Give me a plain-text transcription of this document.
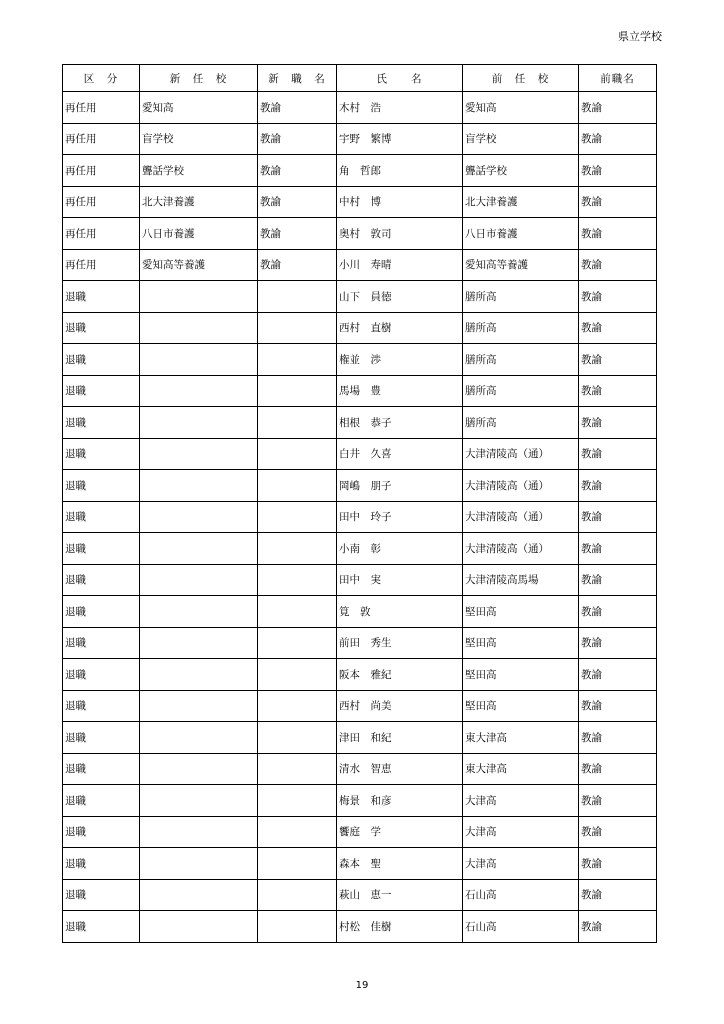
県立学校
区　分	新　任　校	新　職　名	氏　　名	前　任　校	前職名
再任用	愛知高	教諭	木村　浩	愛知高	教諭
再任用	盲学校	教諭	宇野　繁博	盲学校	教諭
再任用	聾話学校	教諭	角　哲郎	聾話学校	教諭
再任用	北大津養護	教諭	中村　博	北大津養護	教諭
再任用	八日市養護	教諭	奥村　敦司	八日市養護	教諭
再任用	愛知高等養護	教諭	小川　寿晴	愛知高等養護	教諭
退職			山下　員徳	膳所高	教諭
退職			西村　直樹	膳所高	教諭
退職			権並　渉	膳所高	教諭
退職			馬場　豊	膳所高	教諭
退職			相根　恭子	膳所高	教諭
退職			白井　久喜	大津清陵高（通）	教諭
退職			岡嶋　朋子	大津清陵高（通）	教諭
退職			田中　玲子	大津清陵高（通）	教諭
退職			小南　彰	大津清陵高（通）	教諭
退職			田中　実	大津清陵高馬場	教諭
退職			筧　敦	堅田高	教諭
退職			前田　秀生	堅田高	教諭
退職			阪本　雅紀	堅田高	教諭
退職			西村　尚美	堅田高	教諭
退職			津田　和紀	東大津高	教諭
退職			清水　智恵	東大津高	教諭
退職			梅景　和彦	大津高	教諭
退職			饗庭　学	大津高	教諭
退職			森本　聖	大津高	教諭
退職			萩山　恵一	石山高	教諭
退職			村松　佳樹	石山高	教諭
19
